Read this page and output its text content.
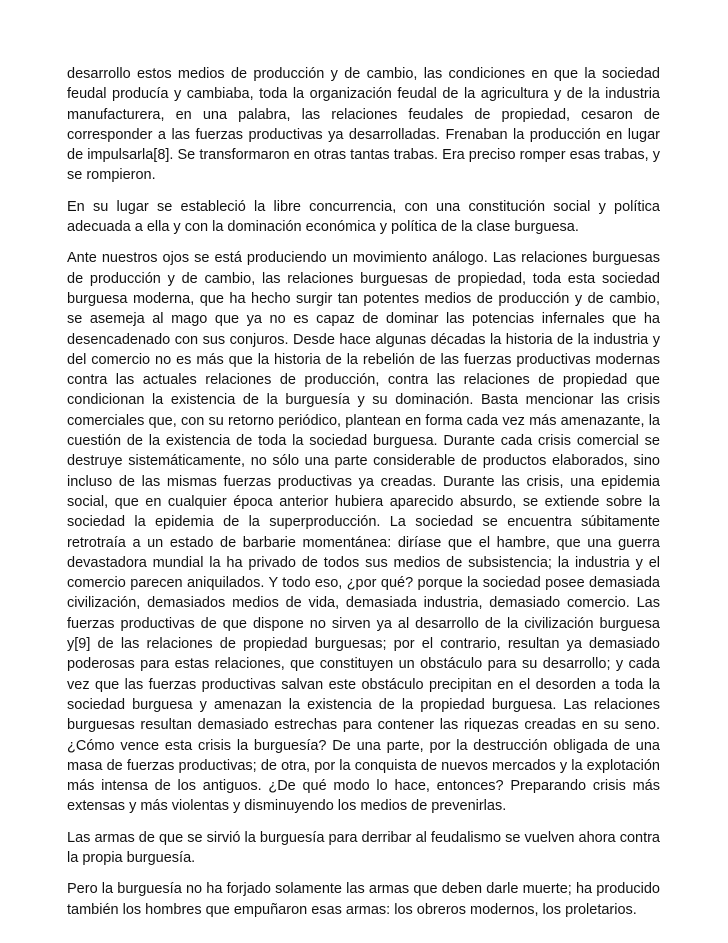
desarrollo estos medios de producción y de cambio, las condiciones en que la sociedad feudal producía y cambiaba, toda la organización feudal de la agricultura y de la industria manufacturera, en una palabra, las relaciones feudales de propiedad, cesaron de corresponder a las fuerzas productivas ya desarrolladas. Frenaban la producción en lugar de impulsarla[8]. Se transformaron en otras tantas trabas. Era preciso romper esas trabas, y se rompieron.

En su lugar se estableció la libre concurrencia, con una constitución social y política adecuada a ella y con la dominación económica y política de la clase burguesa.

Ante nuestros ojos se está produciendo un movimiento análogo. Las relaciones burguesas de producción y de cambio, las relaciones burguesas de propiedad, toda esta sociedad burguesa moderna, que ha hecho surgir tan potentes medios de producción y de cambio, se asemeja al mago que ya no es capaz de dominar las potencias infernales que ha desencadenado con sus conjuros. Desde hace algunas décadas la historia de la industria y del comercio no es más que la historia de la rebelión de las fuerzas productivas modernas contra las actuales relaciones de producción, contra las relaciones de propiedad que condicionan la existencia de la burguesía y su dominación. Basta mencionar las crisis comerciales que, con su retorno periódico, plantean en forma cada vez más amenazante, la cuestión de la existencia de toda la sociedad burguesa. Durante cada crisis comercial se destruye sistemáticamente, no sólo una parte considerable de productos elaborados, sino incluso de las mismas fuerzas productivas ya creadas. Durante las crisis, una epidemia social, que en cualquier época anterior hubiera aparecido absurdo, se extiende sobre la sociedad la epidemia de la superproducción. La sociedad se encuentra súbitamente retrotraía a un estado de barbarie momentánea: diríase que el hambre, que una guerra devastadora mundial la ha privado de todos sus medios de subsistencia; la industria y el comercio parecen aniquilados. Y todo eso, ¿por qué? porque la sociedad posee demasiada civilización, demasiados medios de vida, demasiada industria, demasiado comercio. Las fuerzas productivas de que dispone no sirven ya al desarrollo de la civilización burguesa y[9] de las relaciones de propiedad burguesas; por el contrario, resultan ya demasiado poderosas para estas relaciones, que constituyen un obstáculo para su desarrollo; y cada vez que las fuerzas productivas salvan este obstáculo precipitan en el desorden a toda la sociedad burguesa y amenazan la existencia de la propiedad burguesa. Las relaciones burguesas resultan demasiado estrechas para contener las riquezas creadas en su seno. ¿Cómo vence esta crisis la burguesía? De una parte, por la destrucción obligada de una masa de fuerzas productivas; de otra, por la conquista de nuevos mercados y la explotación más intensa de los antiguos. ¿De qué modo lo hace, entonces? Preparando crisis más extensas y más violentas y disminuyendo los medios de prevenirlas.

Las armas de que se sirvió la burguesía para derribar al feudalismo se vuelven ahora contra la propia burguesía.

Pero la burguesía no ha forjado solamente las armas que deben darle muerte; ha producido también los hombres que empuñaron esas armas: los obreros modernos, los proletarios.
